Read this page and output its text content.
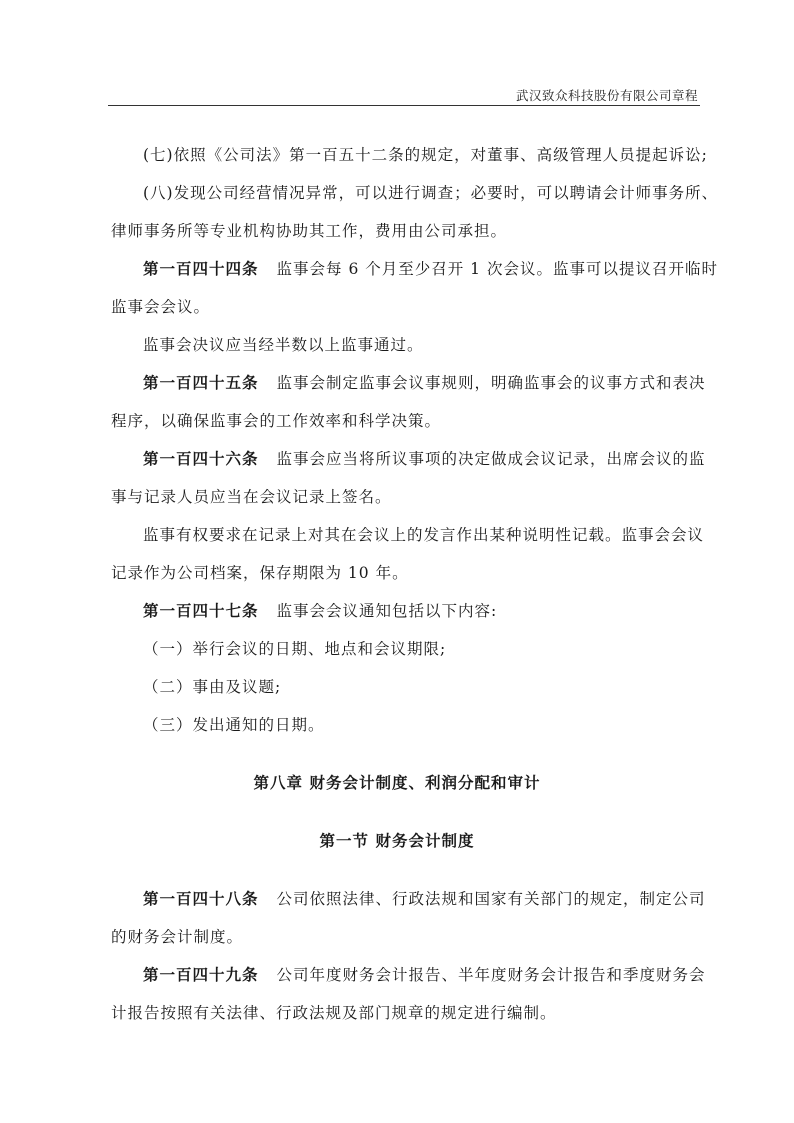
武汉致众科技股份有限公司章程
(七)依照《公司法》第一百五十二条的规定，对董事、高级管理人员提起诉讼;
(八)发现公司经营情况异常，可以进行调查；必要时，可以聘请会计师事务所、
律师事务所等专业机构协助其工作，费用由公司承担。
第一百四十四条 监事会每 6 个月至少召开 1 次会议。监事可以提议召开临时
监事会会议。
监事会决议应当经半数以上监事通过。
第一百四十五条 监事会制定监事会议事规则，明确监事会的议事方式和表决
程序，以确保监事会的工作效率和科学决策。
第一百四十六条 监事会应当将所议事项的决定做成会议记录，出席会议的监
事与记录人员应当在会议记录上签名。
监事有权要求在记录上对其在会议上的发言作出某种说明性记载。监事会会议
记录作为公司档案，保存期限为 10 年。
第一百四十七条 监事会会议通知包括以下内容:
（一）举行会议的日期、地点和会议期限;
（二）事由及议题;
（三）发出通知的日期。
第八章 财务会计制度、利润分配和审计
第一节 财务会计制度
第一百四十八条 公司依照法律、行政法规和国家有关部门的规定，制定公司
的财务会计制度。
第一百四十九条 公司年度财务会计报告、半年度财务会计报告和季度财务会
计报告按照有关法律、行政法规及部门规章的规定进行编制。
